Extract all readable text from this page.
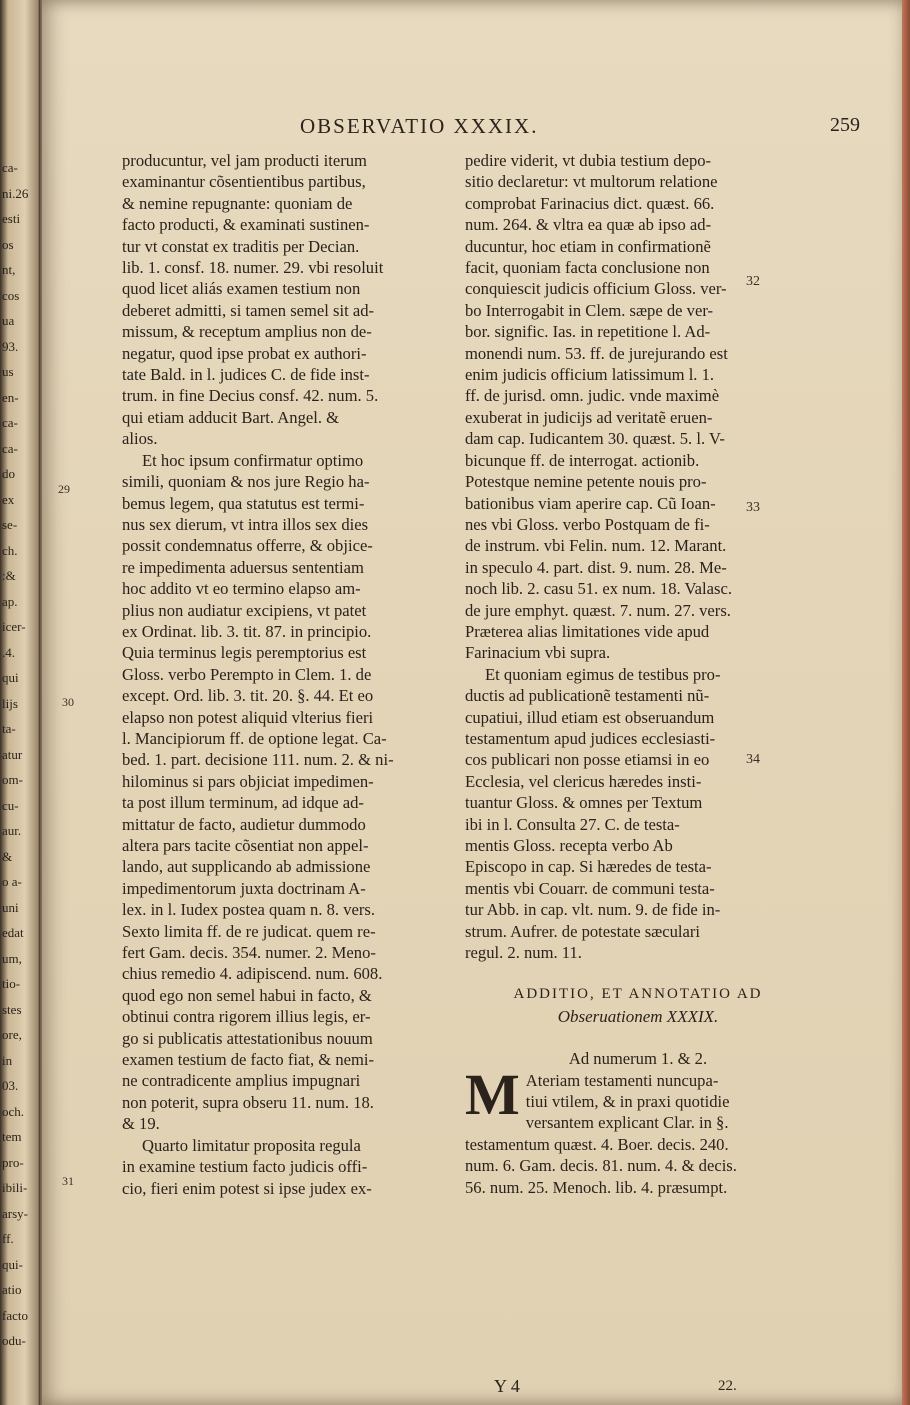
ca-
ni.26
esti
os
nt,
cos
ua
93.
us
en-
ca-
ca-
do
ex
se-
ch.
:&
ap.
icer-
.4.
qui
lijs
ta-
atur
om-
cu-
aur.
&
o a-
uni
edat
um,
tio-
stes
ore,
in
03.
och.
tem
pro-
ibili-
arsy-
ff.
qui-
atio
facto
odu-
OBSERVATIO XXXIX.	259

producuntur, vel jam producti iterum

examinantur cõsentientibus partibus,

& nemine repugnante: quoniam de

facto producti, & examinati sustinen-

tur vt constat ex traditis per Decian.

lib. 1. consf. 18. numer. 29. vbi resoluit

quod licet aliás examen testium non

deberet admitti, si tamen semel sit ad-

missum, & receptum amplius non de-

negatur, quod ipse probat ex authori-

tate Bald. in l. judices C. de fide inst-

trum. in fine Decius consf. 42. num. 5.

qui etiam adducit Bart. Angel. &

alios.

Et hoc ipsum confirmatur optimo

simili, quoniam & nos jure Regio ha-

bemus legem, qua statutus est termi-

nus sex dierum, vt intra illos sex dies

possit condemnatus offerre, & objice-

re impedimenta aduersus sententiam

hoc addito vt eo termino elapso am-

plius non audiatur excipiens, vt patet

ex Ordinat. lib. 3. tit. 87. in principio.

Quia terminus legis peremptorius est

Gloss. verbo Perempto in Clem. 1. de

except. Ord. lib. 3. tit. 20. §. 44. Et eo

elapso non potest aliquid vlterius fieri

l. Mancipiorum ff. de optione legat. Ca-

bed. 1. part. decisione 111. num. 2. & ni-

hilominus si pars objiciat impedimen-

ta post illum terminum, ad idque ad-

mittatur de facto, audietur dummodo

altera pars tacite cõsentiat non appel-

lando, aut supplicando ab admissione

impedimentorum juxta doctrinam A-

lex. in l. Iudex postea quam n. 8. vers.

Sexto limita ff. de re judicat. quem re-

fert Gam. decis. 354. numer. 2. Meno-

chius remedio 4. adipiscend. num. 608.

quod ego non semel habui in facto, &

obtinui contra rigorem illius legis, er-

go si publicatis attestationibus nouum

examen testium de facto fiat, & nemi-

ne contradicente amplius impugnari

non poterit, supra obseru 11. num. 18.

& 19.

Quarto limitatur proposita regula

in examine testium facto judicis offi-

cio, fieri enim potest si ipse judex ex-

pedire viderit, vt dubia testium depo-

sitio declaretur: vt multorum relatione

comprobat Farinacius dict. quæst. 66.

num. 264. & vltra ea quæ ab ipso ad-

ducuntur, hoc etiam in confirmationẽ

facit, quoniam facta conclusione non

conquiescit judicis officium Gloss. ver-

bo Interrogabit in Clem. sæpe de ver-

bor. signific. Ias. in repetitione l. Ad-

monendi num. 53. ff. de jurejurando est

enim judicis officium latissimum l. 1.

ff. de jurisd. omn. judic. vnde maximè

exuberat in judicijs ad veritatẽ eruen-

dam cap. Iudicantem 30. quæst. 5. l. V-

bicunque ff. de interrogat. actionib.

Potestque nemine petente nouis pro-

bationibus viam aperire cap. Cũ Ioan-

nes vbi Gloss. verbo Postquam de fi-

de instrum. vbi Felin. num. 12. Marant.

in speculo 4. part. dist. 9. num. 28. Me-

noch lib. 2. casu 51. ex num. 18. Valasc.

de jure emphyt. quæst. 7. num. 27. vers.

Præterea alias limitationes vide apud

Farinacium vbi supra.

Et quoniam egimus de testibus pro-

ductis ad publicationẽ testamenti nũ-

cupatiui, illud etiam est obseruandum

testamentum apud judices ecclesiasti-

cos publicari non posse etiamsi in eo

Ecclesia, vel clericus hæredes insti-

tuantur Gloss. & omnes per Textum

ibi in l. Consulta 27. C. de testa-

mentis Gloss. recepta verbo Ab

Episcopo in cap. Si hæredes de testa-

mentis vbi Couarr. de communi testa-

tur Abb. in cap. vlt. num. 9. de fide in-

strum. Aufrer. de potestate sæculari

regul. 2. num. 11.

ADDITIO, ET ANNOTATIO AD

Obseruationem XXXIX.

Ad numerum 1. & 2.

M Ateriam testamenti nuncupa-

tiui vtilem, & in praxi quotidie

versantem explicant Clar. in §.

testamentum quæst. 4. Boer. decis. 240.

num. 6. Gam. decis. 81. num. 4. & decis.

56. num. 25. Menoch. lib. 4. præsumpt.

29
30
31
32
33
34
Y 4	22.
